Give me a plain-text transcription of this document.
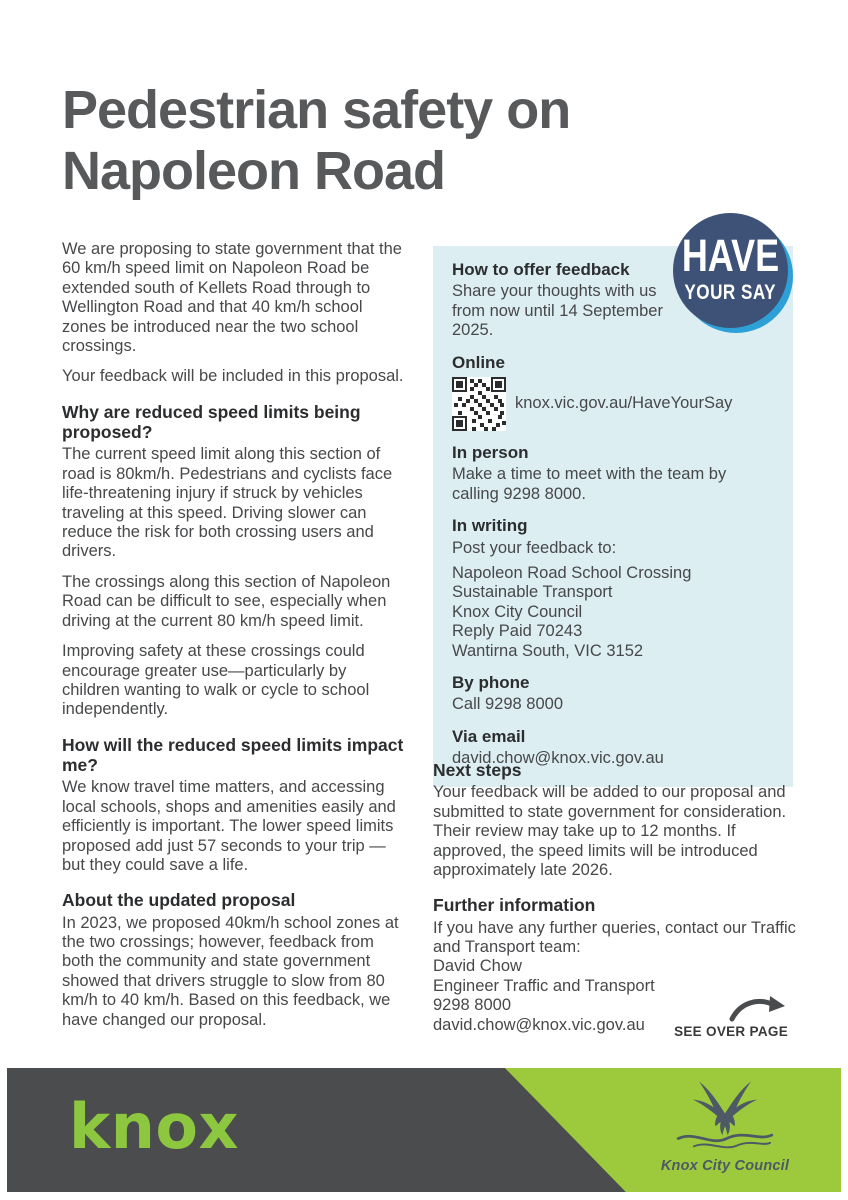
Pedestrian safety on
Napoleon Road

We are proposing to state government that the 60 km/h speed limit on Napoleon Road be extended south of Kellets Road through to Wellington Road and that 40 km/h school zones be introduced near the two school crossings.

Your feedback will be included in this proposal.

Why are reduced speed limits being proposed?

The current speed limit along this section of road is 80km/h. Pedestrians and cyclists face life-threatening injury if struck by vehicles traveling at this speed. Driving slower can reduce the risk for both crossing users and drivers.

The crossings along this section of Napoleon Road can be difficult to see, especially when driving at the current 80 km/h speed limit.

Improving safety at these crossings could encourage greater use—particularly by children wanting to walk or cycle to school independently.

How will the reduced speed limits impact me?

We know travel time matters, and accessing local schools, shops and amenities easily and efficiently is important. The lower speed limits proposed add just 57 seconds to your trip — but they could save a life.

About the updated proposal

In 2023, we proposed 40km/h school zones at the two crossings; however, feedback from both the community and state government showed that drivers struggle to slow from 80 km/h to 40 km/h. Based on this feedback, we have changed our proposal.

How to offer feedback

Share your thoughts with us from now until 14 September 2025.

Online
knox.vic.gov.au/HaveYourSay
In person

Make a time to meet with the team by calling 9298 8000.

In writing

Post your feedback to:

Napoleon Road School Crossing
Sustainable Transport
Knox City Council
Reply Paid 70243
Wantirna South, VIC 3152
By phone

Call 9298 8000

Via email

david.chow@knox.vic.gov.au

HAVE
YOUR SAY
Next steps

Your feedback will be added to our proposal and submitted to state government for consideration. Their review may take up to 12 months. If approved, the speed limits will be introduced approximately late 2026.

Further information

If you have any further queries, contact our Traffic and Transport team:

David Chow
Engineer Traffic and Transport
9298 8000
david.chow@knox.vic.gov.au	SEE OVER PAGE
knox
Knox City Council
